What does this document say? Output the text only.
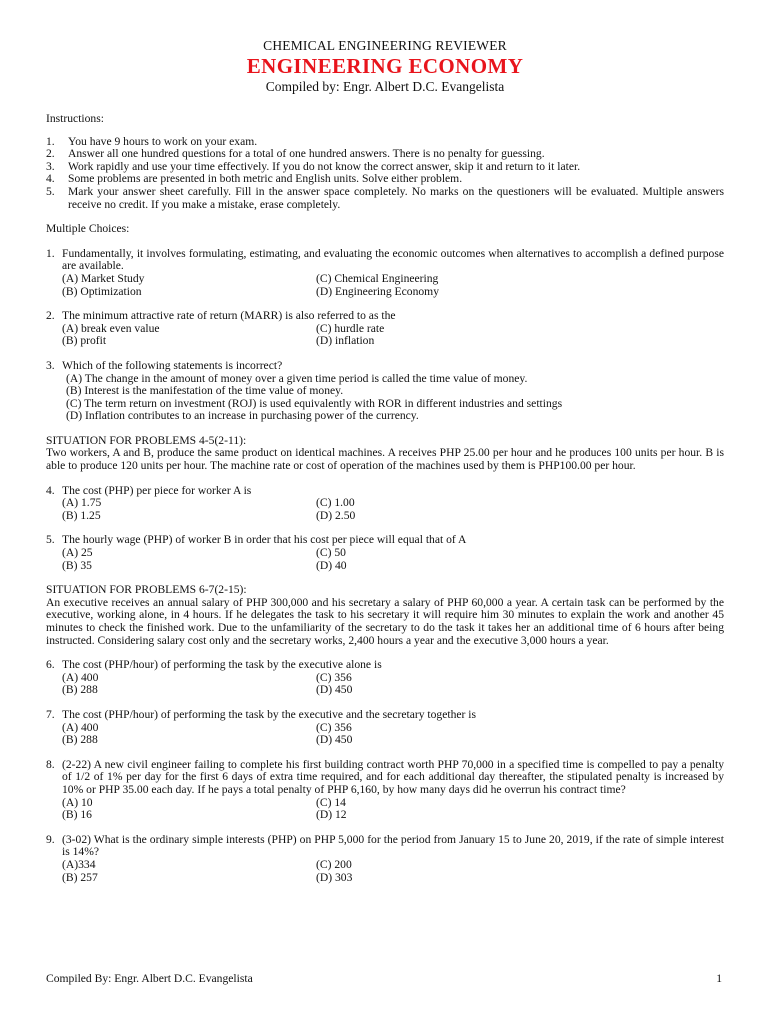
CHEMICAL ENGINEERING REVIEWER
ENGINEERING ECONOMY
Compiled by: Engr. Albert D.C. Evangelista
Instructions:
1. You have 9 hours to work on your exam.
2. Answer all one hundred questions for a total of one hundred answers. There is no penalty for guessing.
3. Work rapidly and use your time effectively. If you do not know the correct answer, skip it and return to it later.
4. Some problems are presented in both metric and English units. Solve either problem.
5. Mark your answer sheet carefully. Fill in the answer space completely. No marks on the questioners will be evaluated. Multiple answers receive no credit. If you make a mistake, erase completely.
Multiple Choices:
1. Fundamentally, it involves formulating, estimating, and evaluating the economic outcomes when alternatives to accomplish a defined purpose are available.
(A) Market Study	(C) Chemical Engineering
(B) Optimization	(D) Engineering Economy
2. The minimum attractive rate of return (MARR) is also referred to as the
(A) break even value	(C) hurdle rate
(B) profit	(D) inflation
3. Which of the following statements is incorrect?
(A) The change in the amount of money over a given time period is called the time value of money.
(B) Interest is the manifestation of the time value of money.
(C) The term return on investment (ROJ) is used equivalently with ROR in different industries and settings
(D) Inflation contributes to an increase in purchasing power of the currency.
SITUATION FOR PROBLEMS 4-5(2-11):
Two workers, A and B, produce the same product on identical machines. A receives PHP 25.00 per hour and he produces 100 units per hour. B is able to produce 120 units per hour. The machine rate or cost of operation of the machines used by them is PHP100.00 per hour.
4. The cost (PHP) per piece for worker A is
(A) 1.75	(C) 1.00
(B) 1.25	(D) 2.50
5. The hourly wage (PHP) of worker B in order that his cost per piece will equal that of A
(A) 25	(C) 50
(B) 35	(D) 40
SITUATION FOR PROBLEMS 6-7(2-15):
An executive receives an annual salary of PHP 300,000 and his secretary a salary of PHP 60,000 a year. A certain task can be performed by the executive, working alone, in 4 hours. If he delegates the task to his secretary it will require him 30 minutes to explain the work and another 45 minutes to check the finished work. Due to the unfamiliarity of the secretary to do the task it takes her an additional time of 6 hours after being instructed. Considering salary cost only and the secretary works, 2,400 hours a year and the executive 3,000 hours a year.
6. The cost (PHP/hour) of performing the task by the executive alone is
(A) 400	(C) 356
(B) 288	(D) 450
7. The cost (PHP/hour) of performing the task by the executive and the secretary together is
(A) 400	(C) 356
(B) 288	(D) 450
8. (2-22) A new civil engineer failing to complete his first building contract worth PHP 70,000 in a specified time is compelled to pay a penalty of 1/2 of 1% per day for the first 6 days of extra time required, and for each additional day thereafter, the stipulated penalty is increased by 10% or PHP 35.00 each day. If he pays a total penalty of PHP 6,160, by how many days did he overrun his contract time?
(A) 10	(C) 14
(B) 16	(D) 12
9. (3-02) What is the ordinary simple interests (PHP) on PHP 5,000 for the period from January 15 to June 20, 2019, if the rate of simple interest is 14%?
(A)334	(C) 200
(B) 257	(D) 303
Compiled By: Engr. Albert D.C. Evangelista	1
